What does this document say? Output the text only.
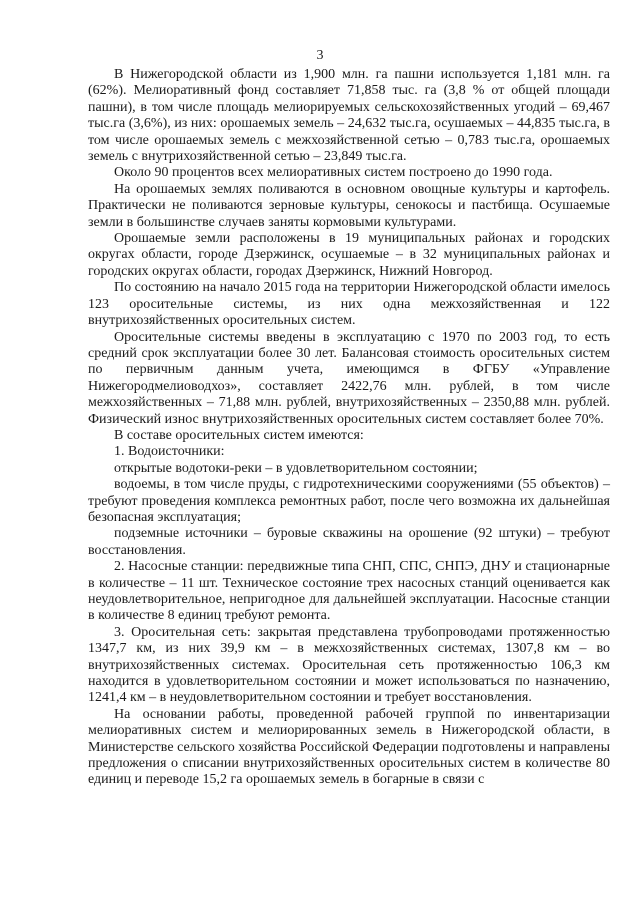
3

В Нижегородской области из 1,900 млн. га пашни используется 1,181 млн. га (62%). Мелиоративный фонд составляет 71,858 тыс. га (3,8 % от общей площади пашни), в том числе площадь мелиорируемых сельскохозяйственных угодий – 69,467 тыс.га (3,6%), из них: орошаемых земель – 24,632 тыс.га, осушаемых – 44,835 тыс.га, в том числе орошаемых земель с межхозяйственной сетью – 0,783 тыс.га, орошаемых земель с внутрихозяйственной сетью – 23,849 тыс.га.

Около 90 процентов всех мелиоративных систем построено до 1990 года.

На орошаемых землях поливаются в основном овощные культуры и картофель. Практически не поливаются зерновые культуры, сенокосы и пастбища. Осушаемые земли в большинстве случаев заняты кормовыми культурами.

Орошаемые земли расположены в 19 муниципальных районах и городских округах области, городе Дзержинск, осушаемые – в 32 муниципальных районах и городских округах области, городах Дзержинск, Нижний Новгород.

По состоянию на начало 2015 года на территории Нижегородской области имелось 123 оросительные системы, из них одна межхозяйственная и 122 внутрихозяйственных оросительных систем.

Оросительные системы введены в эксплуатацию с 1970 по 2003 год, то есть средний срок эксплуатации более 30 лет. Балансовая стоимость оросительных систем по первичным данным учета, имеющимся в ФГБУ «Управление Нижегородмелиоводхоз», составляет 2422,76 млн. рублей, в том числе межхозяйственных – 71,88 млн. рублей, внутрихозяйственных – 2350,88 млн. рублей. Физический износ внутрихозяйственных оросительных систем составляет более 70%.

В составе оросительных систем имеются:

1. Водоисточники:

открытые водотоки-реки – в удовлетворительном состоянии;

водоемы, в том числе пруды, с гидротехническими сооружениями (55 объектов) – требуют проведения комплекса ремонтных работ, после чего возможна их дальнейшая безопасная эксплуатация;

подземные источники – буровые скважины на орошение (92 штуки) – требуют восстановления.

2. Насосные станции: передвижные типа СНП, СПС, СНПЭ, ДНУ и стационарные в количестве – 11 шт. Техническое состояние трех насосных станций оценивается как неудовлетворительное, непригодное для дальнейшей эксплуатации. Насосные станции в количестве 8 единиц требуют ремонта.

3. Оросительная сеть: закрытая представлена трубопроводами протяженностью 1347,7 км, из них 39,9 км – в межхозяйственных системах, 1307,8 км – во внутрихозяйственных системах. Оросительная сеть протяженностью 106,3 км находится в удовлетворительном состоянии и может использоваться по назначению, 1241,4 км – в неудовлетворительном состоянии и требует восстановления.

На основании работы, проведенной рабочей группой по инвентаризации мелиоративных систем и мелиорированных земель в Нижегородской области, в Министерстве сельского хозяйства Российской Федерации подготовлены и направлены предложения о списании внутрихозяйственных оросительных систем в количестве 80 единиц и переводе 15,2 га орошаемых земель в богарные в связи с
